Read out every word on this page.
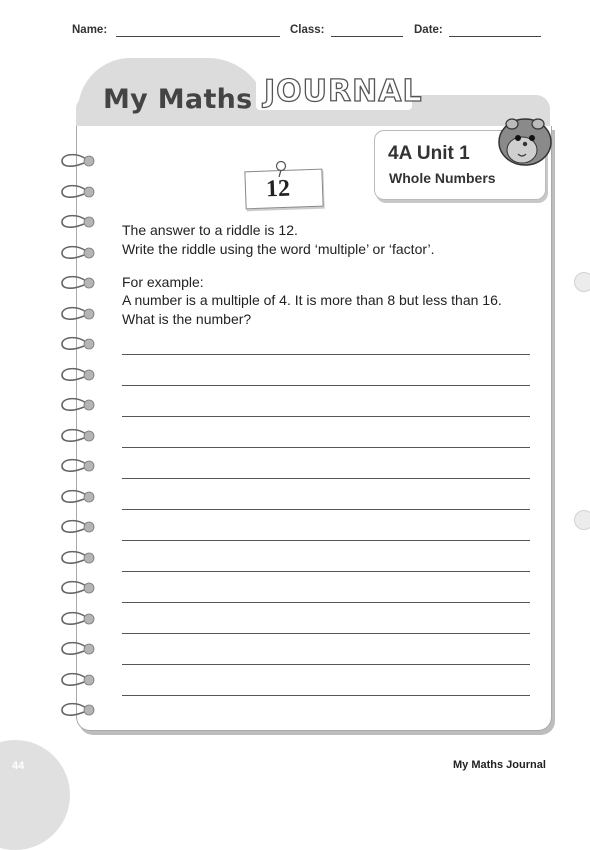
Name:	Class:	Date:
My Maths JOURNAL
4A Unit 1
Whole Numbers
12
The answer to a riddle is 12.
Write the riddle using the word ‘multiple’ or ‘factor’.
For example:
A number is a multiple of 4. It is more than 8 but less than 16.
What is the number?
44	My Maths Journal
